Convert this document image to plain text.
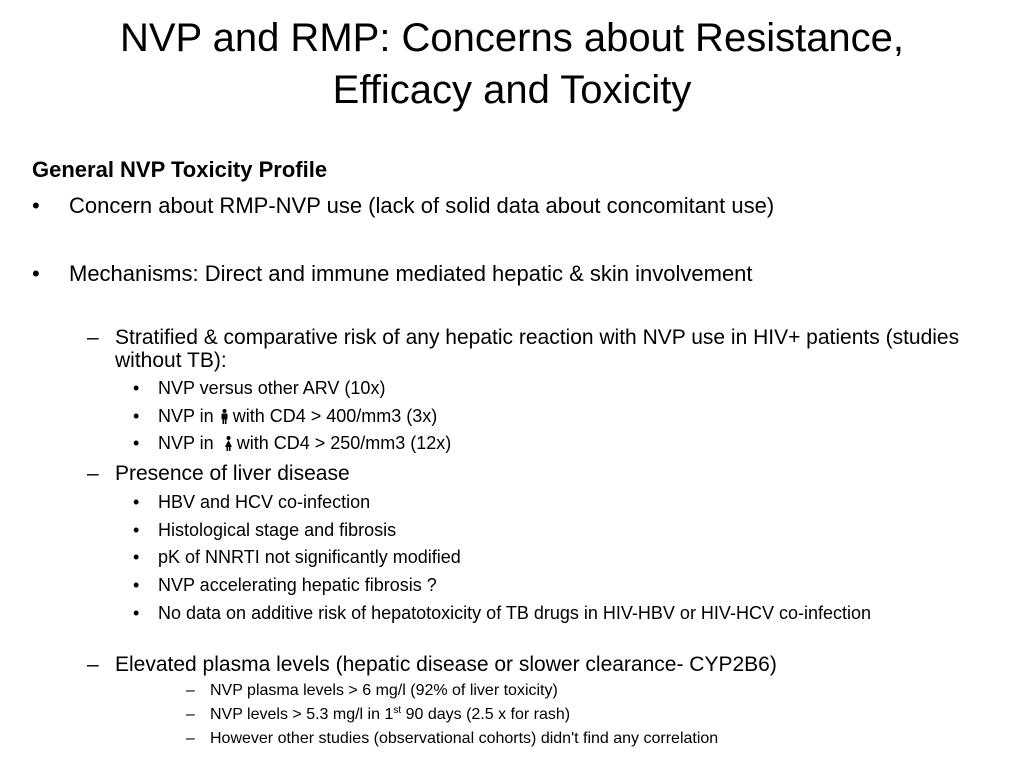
NVP and RMP: Concerns about Resistance,
Efficacy and Toxicity
General NVP Toxicity Profile
• Concern about RMP-NVP use (lack of solid data about concomitant use)
• Mechanisms: Direct and immune mediated hepatic & skin involvement
– Stratified & comparative risk of any hepatic reaction with NVP use in HIV+ patients (studies without TB):
• NVP versus other ARV (10x)
• NVP in with CD4 > 400/mm3 (3x)
• NVP in with CD4 > 250/mm3 (12x)
– Presence of liver disease
• HBV and HCV co-infection
• Histological stage and fibrosis
• pK of NNRTI not significantly modified
• NVP accelerating hepatic fibrosis ?
• No data on additive risk of hepatotoxicity of TB drugs in HIV-HBV or HIV-HCV co-infection
– Elevated plasma levels (hepatic disease or slower clearance- CYP2B6)
– NVP plasma levels > 6 mg/l (92% of liver toxicity)
– NVP levels > 5.3 mg/l in 1st 90 days (2.5 x for rash)
– However other studies (observational cohorts) didn't find any correlation
